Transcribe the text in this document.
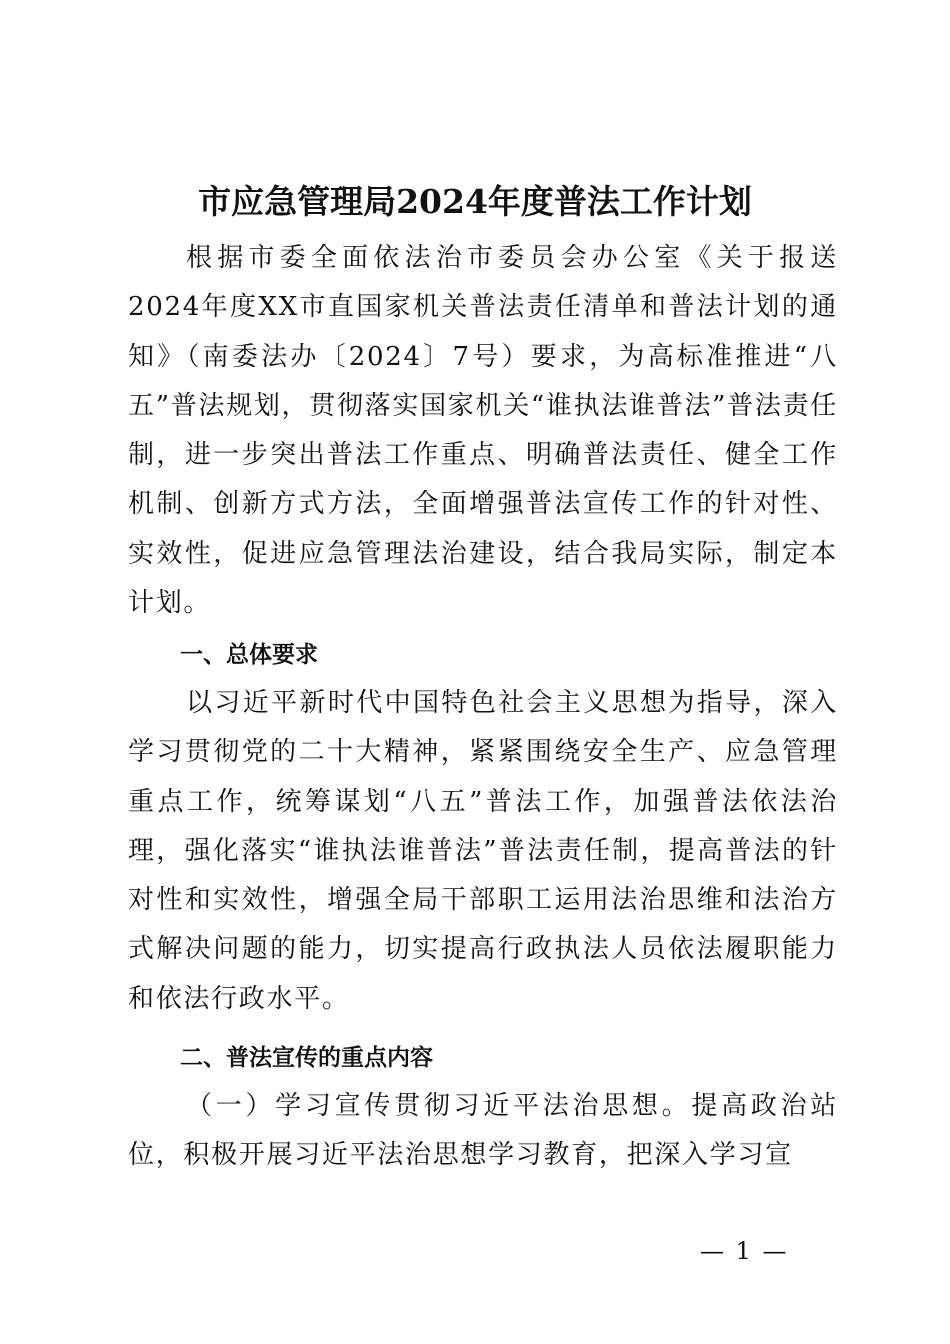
市应急管理局2024年度普法工作计划

根据市委全面依法治市委员会办公室《关于报送2024年度XX市直国家机关普法责任清单和普法计划的通知》（南委法办〔2024〕7号）要求，为高标准推进“八五”普法规划，贯彻落实国家机关“谁执法谁普法”普法责任制，进一步突出普法工作重点、明确普法责任、健全工作机制、创新方式方法，全面增强普法宣传工作的针对性、实效性，促进应急管理法治建设，结合我局实际，制定本计划。

一、总体要求

以习近平新时代中国特色社会主义思想为指导，深入学习贯彻党的二十大精神，紧紧围绕安全生产、应急管理重点工作，统筹谋划“八五”普法工作，加强普法依法治理，强化落实“谁执法谁普法”普法责任制，提高普法的针对性和实效性，增强全局干部职工运用法治思维和法治方式解决问题的能力，切实提高行政执法人员依法履职能力和依法行政水平。

二、普法宣传的重点内容

（一）学习宣传贯彻习近平法治思想。提高政治站位，积极开展习近平法治思想学习教育，把深入学习宣

— 1 —
